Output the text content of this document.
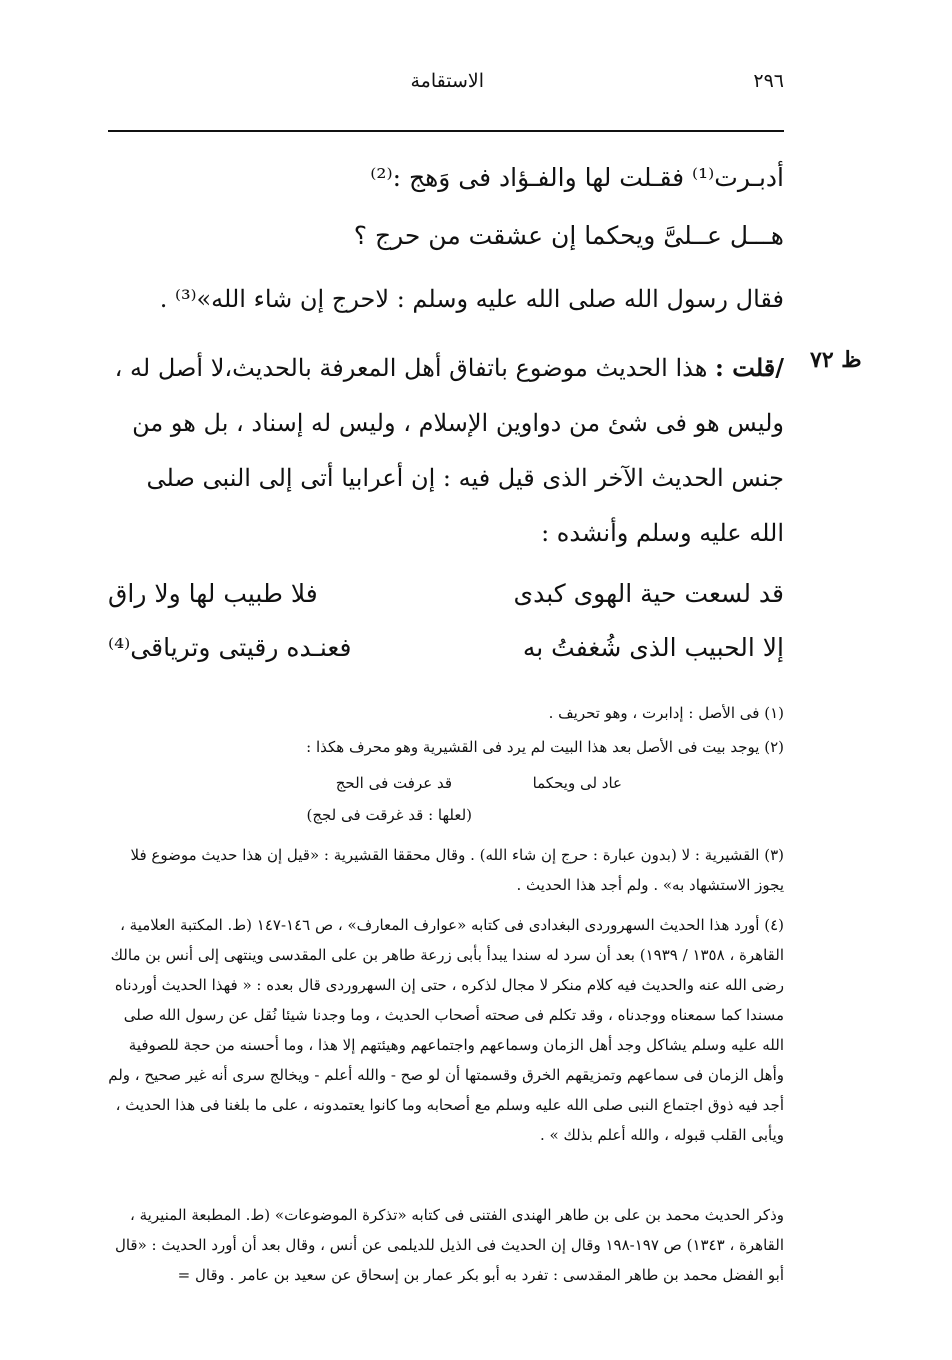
٢٩٦
الاستقامة
أدبـرت⁽¹⁾ فقـلت لها والفـؤاد فى وَهج :⁽²⁾
هـــل عــلىَّ ويحكما إن عشقت من حرج ؟
فقال رسول الله صلى الله عليه وسلم : لاحرج إن شاء الله»⁽³⁾ .
ظ ٧٢
/قلت : هذا الحديث موضوع باتفاق أهل المعرفة بالحديث،لا أصل له ، وليس هو فى شئ من دواوين الإسلام ، وليس له إسناد ، بل هو من جنس الحديث الآخر الذى قيل فيه : إن أعرابيا أتى إلى النبى صلى الله عليه وسلم وأنشده :
قد لسعت حية الهوى كبدى
فلا طبيب لها ولا راق
إلا الحبيب الذى شُغفتُ به
فعنـده رقيتى وترياقى⁽⁴⁾

(١) فى الأصل : إدابرت ، وهو تحريف .

(٢) يوجد بيت فى الأصل بعد هذا البيت لم يرد فى القشيرية وهو محرف هكذا :

عاد لى ويحكما
قد عرفت فى الحج
(لعلها : قد غرقت فى لجج)

(٣) القشيرية : لا (بدون عبارة : حرج إن شاء الله) . وقال محققا القشيرية : «قيل إن هذا حديث موضوع فلا يجوز الاستشهاد به» . ولم أجد هذا الحديث .

(٤) أورد هذا الحديث السهروردى البغدادى فى كتابه «عوارف المعارف» ، ص ١٤٦-١٤٧ (ط. المكتبة العلامية ، القاهرة ، ١٣٥٨ / ١٩٣٩) بعد أن سرد له سندا يبدأ بأبى زرعة طاهر بن على المقدسى وينتهى إلى أنس بن مالك رضى الله عنه والحديث فيه كلام منكر لا مجال لذكره ، حتى إن السهروردى قال بعده : « فهذا الحديث أوردناه مسندا كما سمعناه ووجدناه ، وقد تكلم فى صحته أصحاب الحديث ، وما وجدنا شيئا نُقل عن رسول الله صلى الله عليه وسلم يشاكل وجد أهل الزمان وسماعهم واجتماعهم وهيئتهم إلا هذا ، وما أحسنه من حجة للصوفية وأهل الزمان فى سماعهم وتمزيقهم الخرق وقسمتها أن لو صح - والله أعلم - ويخالج سرى أنه غير صحيح ، ولم أجد فيه ذوق اجتماع النبى صلى الله عليه وسلم مع أصحابه وما كانوا يعتمدونه ، على ما بلغنا فى هذا الحديث ، ويأبى القلب قبوله ، والله أعلم بذلك » .

وذكر الحديث محمد بن على بن طاهر الهندى الفتنى فى كتابه «تذكرة الموضوعات» (ط. المطبعة المنيرية ، القاهرة ، ١٣٤٣) ص ١٩٧-١٩٨ وقال إن الحديث فى الذيل للديلمى عن أنس ، وقال بعد أن أورد الحديث : «قال أبو الفضل محمد بن طاهر المقدسى : تفرد به أبو بكر عمار بن إسحاق عن سعيد بن عامر . وقال =
